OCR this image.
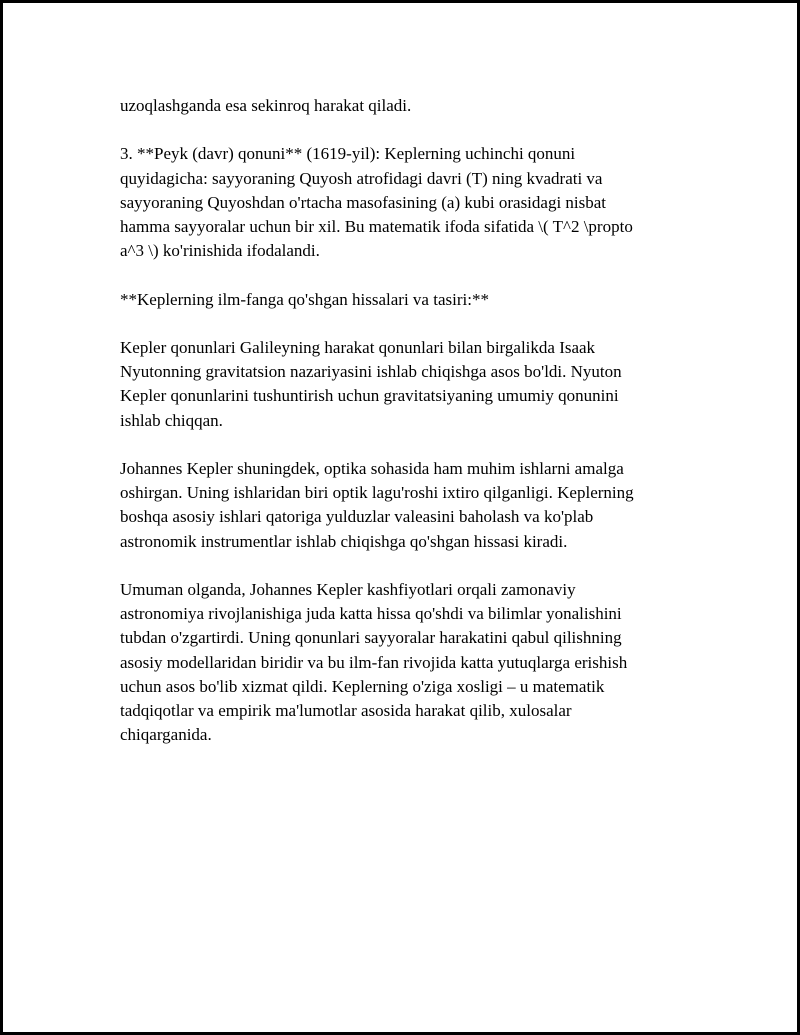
uzoqlashganda esa sekinroq harakat qiladi.

3. **Peyk (davr) qonuni** (1619-yil): Keplerning uchinchi qonuni
quyidagicha: sayyoraning Quyosh atrofidagi davri (T) ning kvadrati va
sayyoraning Quyoshdan o'rtacha masofasining (a) kubi orasidagi nisbat
hamma sayyoralar uchun bir xil. Bu matematik ifoda sifatida \( T^2 \propto
a^3 \) ko'rinishida ifodalandi.

**Keplerning ilm-fanga qo'shgan hissalari va tasiri:**

Kepler qonunlari Galileyning harakat qonunlari bilan birgalikda Isaak
Nyutonning gravitatsion nazariyasini ishlab chiqishga asos bo'ldi. Nyuton
Kepler qonunlarini tushuntirish uchun gravitatsiyaning umumiy qonunini
ishlab chiqqan.

Johannes Kepler shuningdek, optika sohasida ham muhim ishlarni amalga
oshirgan. Uning ishlaridan biri optik lagu'roshi ixtiro qilganligi. Keplerning
boshqa asosiy ishlari qatoriga yulduzlar valeasini baholash va ko'plab
astronomik instrumentlar ishlab chiqishga qo'shgan hissasi kiradi.

Umuman olganda, Johannes Kepler kashfiyotlari orqali zamonaviy
astronomiya rivojlanishiga juda katta hissa qo'shdi va bilimlar yonalishini
tubdan o'zgartirdi. Uning qonunlari sayyoralar harakatini qabul qilishning
asosiy modellaridan biridir va bu ilm-fan rivojida katta yutuqlarga erishish
uchun asos bo'lib xizmat qildi. Keplerning o'ziga xosligi – u matematik
tadqiqotlar va empirik ma'lumotlar asosida harakat qilib, xulosalar
chiqarganida.
